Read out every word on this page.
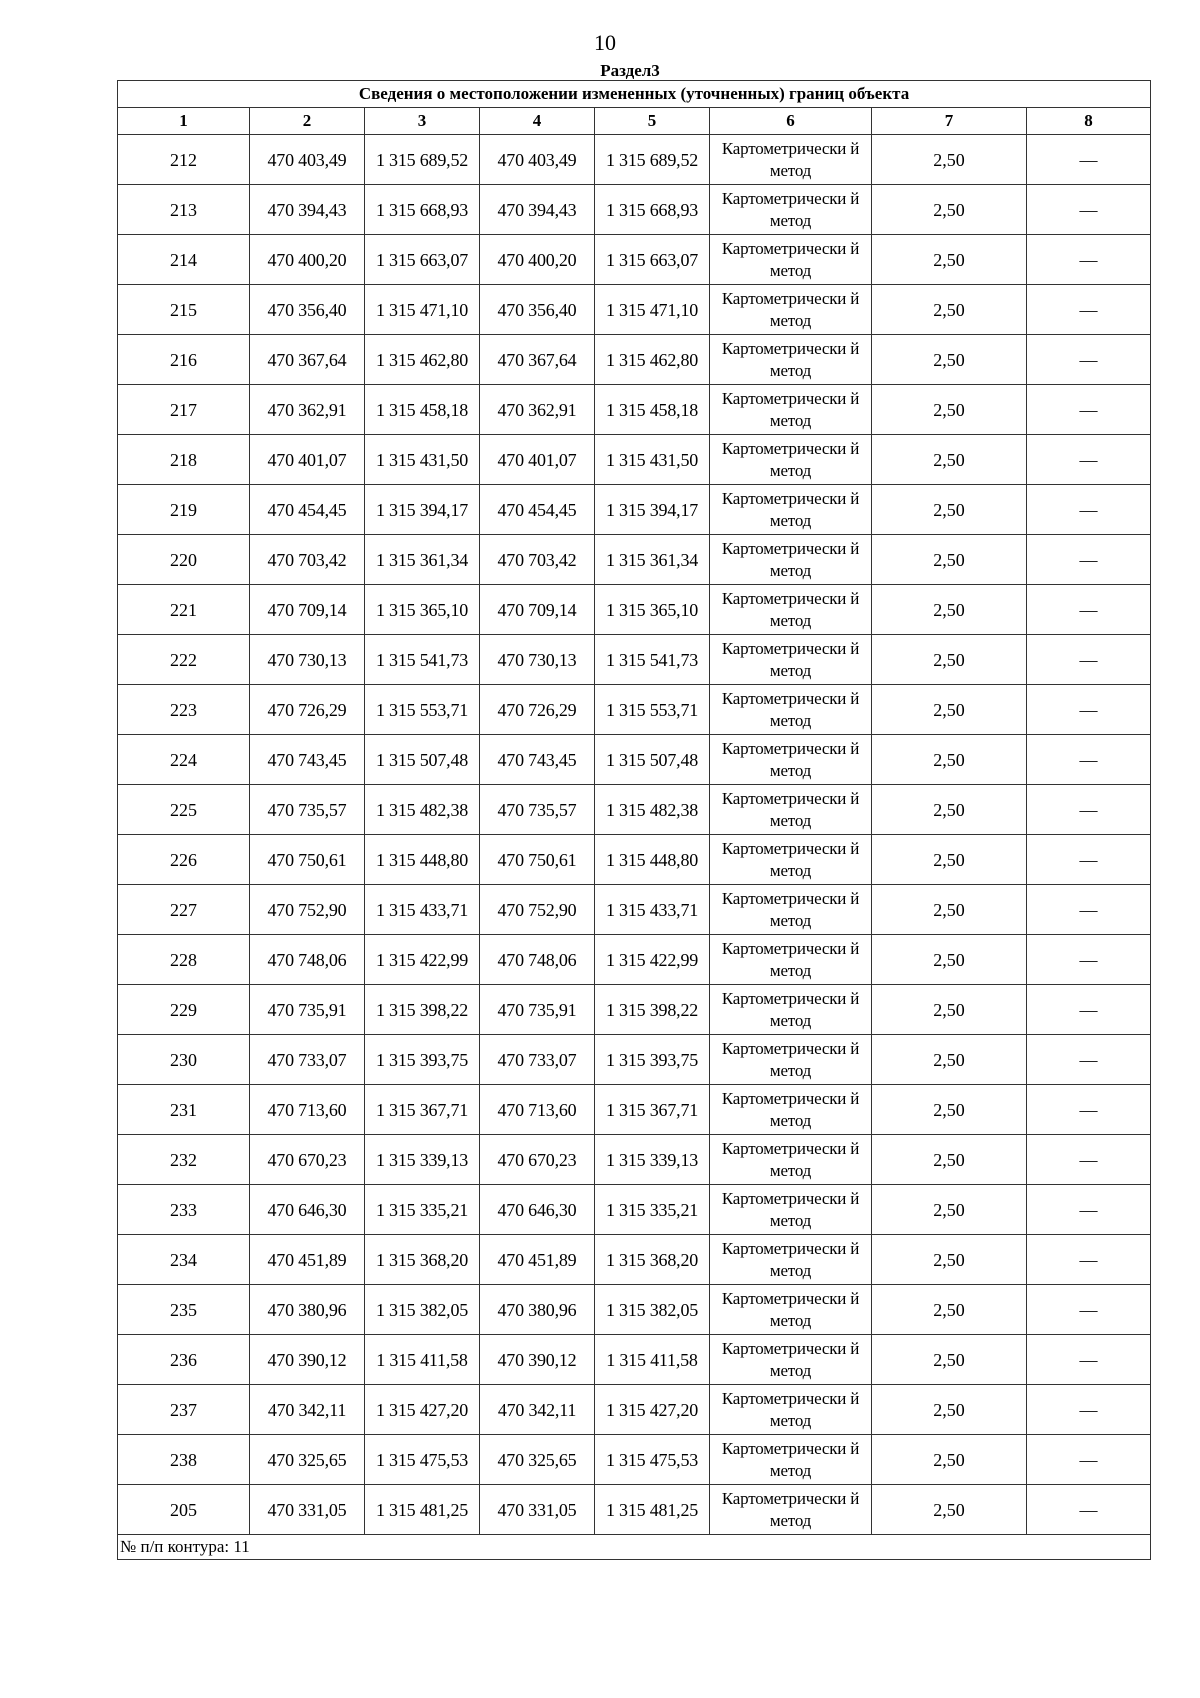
10
Раздел3
Сведения о местоположении измененных (уточненных) границ объекта							
1	2	3	4	5	6	7	8
212	470 403,49	1 315 689,52	470 403,49	1 315 689,52	Картометрически й метод	2,50	—
213	470 394,43	1 315 668,93	470 394,43	1 315 668,93	Картометрически й метод	2,50	—
214	470 400,20	1 315 663,07	470 400,20	1 315 663,07	Картометрически й метод	2,50	—
215	470 356,40	1 315 471,10	470 356,40	1 315 471,10	Картометрически й метод	2,50	—
216	470 367,64	1 315 462,80	470 367,64	1 315 462,80	Картометрически й метод	2,50	—
217	470 362,91	1 315 458,18	470 362,91	1 315 458,18	Картометрически й метод	2,50	—
218	470 401,07	1 315 431,50	470 401,07	1 315 431,50	Картометрически й метод	2,50	—
219	470 454,45	1 315 394,17	470 454,45	1 315 394,17	Картометрически й метод	2,50	—
220	470 703,42	1 315 361,34	470 703,42	1 315 361,34	Картометрически й метод	2,50	—
221	470 709,14	1 315 365,10	470 709,14	1 315 365,10	Картометрически й метод	2,50	—
222	470 730,13	1 315 541,73	470 730,13	1 315 541,73	Картометрически й метод	2,50	—
223	470 726,29	1 315 553,71	470 726,29	1 315 553,71	Картометрически й метод	2,50	—
224	470 743,45	1 315 507,48	470 743,45	1 315 507,48	Картометрически й метод	2,50	—
225	470 735,57	1 315 482,38	470 735,57	1 315 482,38	Картометрически й метод	2,50	—
226	470 750,61	1 315 448,80	470 750,61	1 315 448,80	Картометрически й метод	2,50	—
227	470 752,90	1 315 433,71	470 752,90	1 315 433,71	Картометрически й метод	2,50	—
228	470 748,06	1 315 422,99	470 748,06	1 315 422,99	Картометрически й метод	2,50	—
229	470 735,91	1 315 398,22	470 735,91	1 315 398,22	Картометрически й метод	2,50	—
230	470 733,07	1 315 393,75	470 733,07	1 315 393,75	Картометрически й метод	2,50	—
231	470 713,60	1 315 367,71	470 713,60	1 315 367,71	Картометрически й метод	2,50	—
232	470 670,23	1 315 339,13	470 670,23	1 315 339,13	Картометрически й метод	2,50	—
233	470 646,30	1 315 335,21	470 646,30	1 315 335,21	Картометрически й метод	2,50	—
234	470 451,89	1 315 368,20	470 451,89	1 315 368,20	Картометрически й метод	2,50	—
235	470 380,96	1 315 382,05	470 380,96	1 315 382,05	Картометрически й метод	2,50	—
236	470 390,12	1 315 411,58	470 390,12	1 315 411,58	Картометрически й метод	2,50	—
237	470 342,11	1 315 427,20	470 342,11	1 315 427,20	Картометрически й метод	2,50	—
238	470 325,65	1 315 475,53	470 325,65	1 315 475,53	Картометрически й метод	2,50	—
205	470 331,05	1 315 481,25	470 331,05	1 315 481,25	Картометрически й метод	2,50	—
№ п/п контура: 11							
